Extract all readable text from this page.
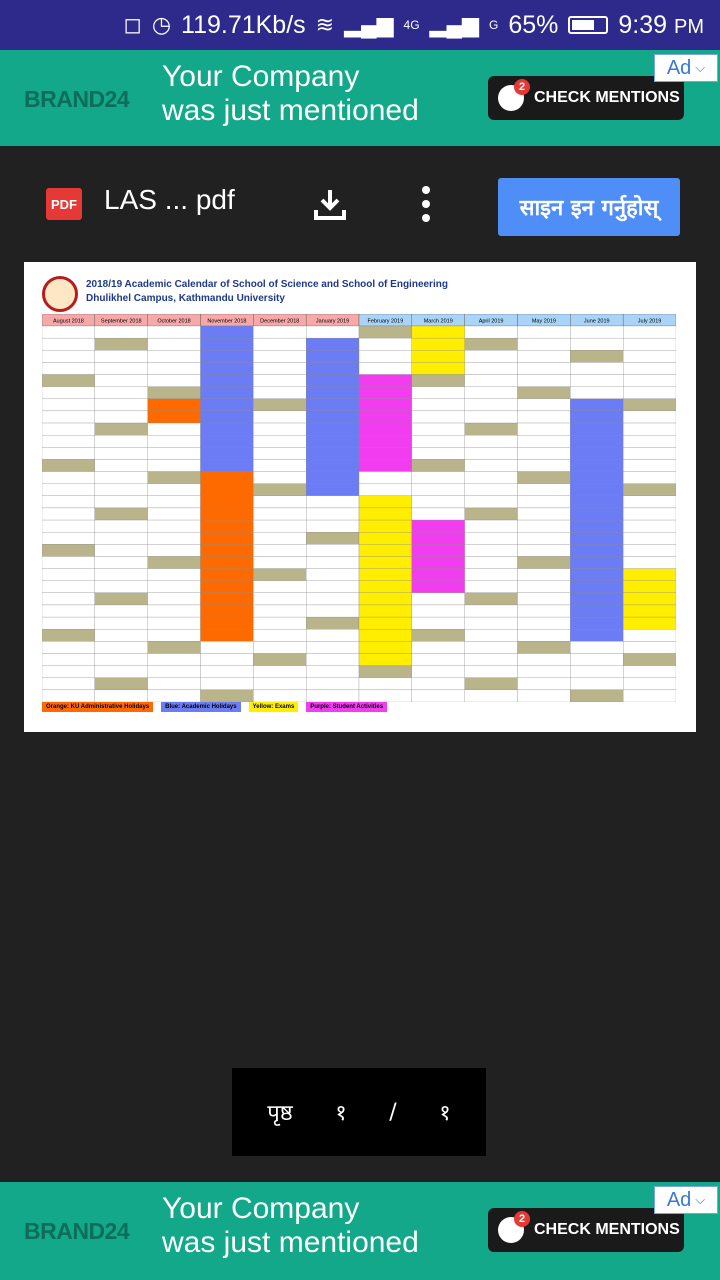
◻ ◷ 119.71Kb/s ≋ ▂▄▆ 4G ▂▄▆ G 65% 9:39 PM
BRAND24
Your Company
was just mentioned 2	CHECK MENTIONS
Ad ⌵
PDF LAS ... pdf	साइन इन गर्नुहोस्
2018/19 Academic Calendar of School of Science and School of Engineering
Dhulikhel Campus, Kathmandu University
August 2018	September 2018	October 2018	November 2018 December 2018	January 2019	February 2019	March 2019	April 2019	May 2019	June 2019	July 2019
Orange: KU Administrative Holidays	Blue: Academic Holidays	Yellow: Exams	Purple: Student Activities
पृष्ठ १ / १
BRAND24
Your Company
was just mentioned 2	CHECK MENTIONS
Ad ⌵
